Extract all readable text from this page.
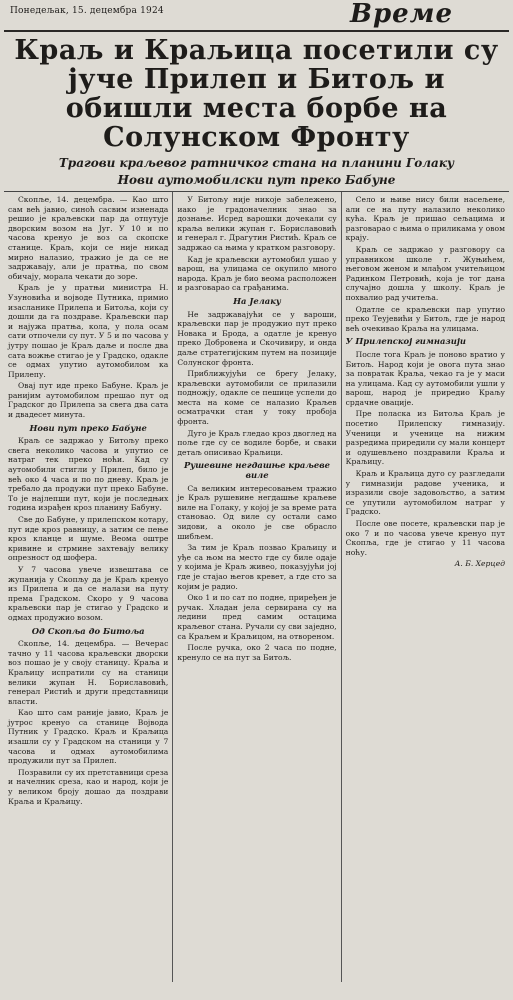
Понедељак, 15. децембра 1924	Време
Краљ и Краљица посетили су јуче Прилеп и Битољ и обишли места борбе на Солунском Фронту
Трагови краљевог ратничког стана на планини Голаку
Нови аутомобилски пут преко Бабуне

Скопље, 14. децембра. — Као што сам већ јавио, синоћ сасвим изненада решио је краљевски пар да отпутује дворским возом на Југ. У 10 и по часова кренуо је воз са скопске станице. Краљ, који се није никад мирно налазио, тражио је да се не задржавају, али је пратња, по свом обичају, морала чекати до зоре.

Краљ је у пратњи министра Н. Узуновића и војводе Путника, примио изасланике Прилепа и Битоља, који су дошли да га поздраве. Краљевски пар и најужа пратња, кола, у пола осам сати отпочели су пут. У 5 и по часова у јутру пошао је Краљ даље и после два сата вожње стигао је у Градско, одакле се одмах упутио аутомобилом ка Прилепу.

Овај пут иде преко Бабуне. Краљ је ранијим аутомобилом прешао пут од Градског до Прилепа за свега два сата и двадесет минута.

Нови пут преко Бабуне

Краљ се задржао у Битољу преко свега неколико часова и упутио се натраг тек преко ноћи. Кад су аутомобили стигли у Прилеп, било је већ око 4 часа и по по дневу. Краљ је требало да продужи пут преко Бабуне. То је најлепши пут, који је последњих година израђен кроз планину Бабуну.

Све до Бабуне, у прилепском котару, пут иде кроз равницу, а затим се пење кроз кланце и шуме. Веома оштре кривине и стрмине захтевају велику опрезност од шофера.

У 7 часова увече извештава се жупанија у Скопљу да је Краљ кренуо из Прилепа и да се налази на путу према Градском. Скоро у 9 часова краљевски пар је стигао у Градско и одмах продужио возом.

Од Скопља до Битоља

Скопље, 14. децембра. — Вечерас тачно у 11 часова краљевски дворски воз пошао је у своју станицу. Краља и Краљицу испратили су на станици велики жупан Н. Бориславовић, генерал Ристић и други представници власти.

Као што сам раније јавио, Краљ је јутрос кренуо са станице Војвода Путник у Градско. Краљ и Краљица изашли су у Градском на станици у 7 часова и одмах аутомобилима продужили пут за Прилеп.

Позравили су их претставници среза и начелник среза, као и народ, који је у великом броју дошао да поздрави Краља и Краљицу.

У Битољу није никоје забележено, иако је градоначелник знао за дознање. Исред варошки дочекали су краља велики жупан г. Бориславовић и генерал г. Драгутин Ристић. Краљ се задржао са њима у кратком разговору.

Кад је краљевски аутомобил ушао у варош, на улицама се окупило много народа. Краљ је био веома расположен и разговарао са грађанима.

На Јелаку

Не задржавајући се у вароши, краљевски пар је продужио пут преко Новака и Брода, а одатле је кренуо преко Добровенa и Скочивиру, и онда даље стратегијским путем на позиције Солунског фронта.

Приближујући се брегу Јелаку, краљевски аутомобили се прилазили подножју, одакле се пешице успели до места на коме се налазио Краљев осматрачки стан у току пробоја фронта.

Дуго је Краљ гледао кроз двоглед на поље где су се водиле борбе, и сваки детаљ описивао Краљици.

Рушевине негдашње краљеве виле

Са великим интересовањем тражио је Краљ рушевине негдашње краљеве виле на Голаку, у којој је за време рата становао. Од виле су остали само зидови, а около је све обрасло шибљем.

За тим је Краљ позвао Краљицу и уђе са њом на место где су биле одаје у којима је Краљ живео, показујући јој где је стајао његов кревет, а где сто за којим је радио.

Око 1 и по сат по подне, приређен је ручак. Хладан јела сервирана су на ледини пред самим остацима краљевог стана. Ручали су сви заједно, са Краљем и Краљицом, на отвореном.

После ручка, око 2 часа по подне, кренуло се на пут за Битољ.

Село и њиве нису били насељене, али се на путу налазило неколико кућа. Краљ је пришао сељацима и разговарао с њима о приликама у овом крају.

Краљ се задржао у разговору са управником школе г. Жуњићем, његовом женом и млађом учитељицом Радинком Петровић, која је тог дана случајно дошла у школу. Краљ је похвалио рад учитеља.

Одатле се краљевски пар упутио преко Теујевићи у Битољ, где је народ већ очекивао Краља на улицама.

У Прилепској гимназији

После тога Краљ је поново вратио у Битољ. Народ који је овога пута знао за повратак Краља, чекао га је у маси на улицама. Кад су аутомобили ушли у варош, народ је приредио Краљу срдачне овације.

Пре поласка из Битоља Краљ је посетио Прилепску гимназију. Ученици и ученице на нижим разредима приредили су мали концерт и одушевљено поздравили Краља и Краљицу.

Краљ и Краљица дуго су разгледали у гимназији радове ученика, и изразили своје задовољство, а затим се упутили аутомобилом натраг у Градско.

После ове посете, краљевски пар је око 7 и по часова увече кренуо пут Скопља, где је стигао у 11 часова ноћу.

А. Б. Херцед
